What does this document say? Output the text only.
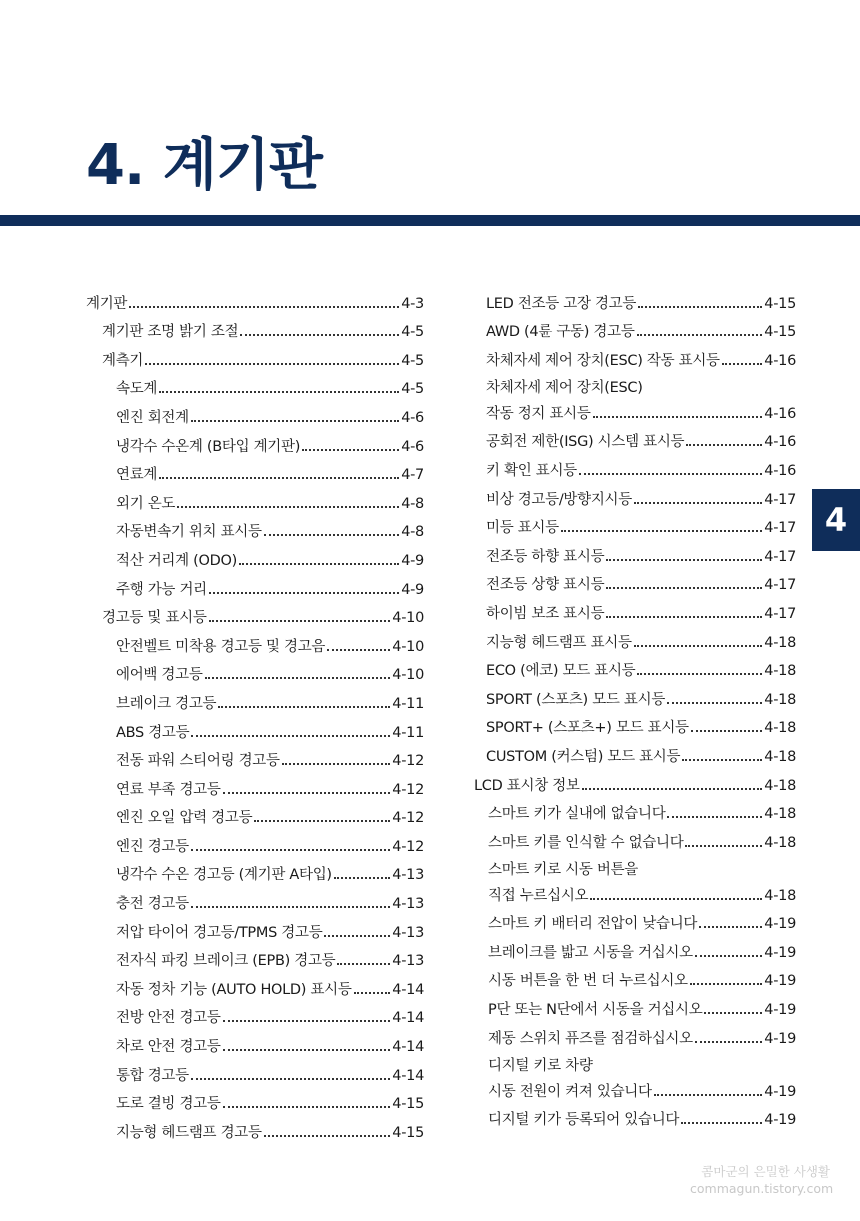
4. 계기판
4
계기판	4-3
계기판 조명 밝기 조절	4-5
계측기	4-5
속도계	4-5
엔진 회전계	4-6
냉각수 수온계 (B타입 계기판)	4-6
연료계	4-7
외기 온도	4-8
자동변속기 위치 표시등	4-8
적산 거리계 (ODO)	4-9
주행 가능 거리	4-9
경고등 및 표시등	4-10
안전벨트 미착용 경고등 및 경고음	4-10
에어백 경고등	4-10
브레이크 경고등	4-11
ABS 경고등	4-11
전동 파워 스티어링 경고등	4-12
연료 부족 경고등	4-12
엔진 오일 압력 경고등	4-12
엔진 경고등	4-12
냉각수 수온 경고등 (계기판 A타입)	4-13
충전 경고등	4-13
저압 타이어 경고등/TPMS 경고등	4-13
전자식 파킹 브레이크 (EPB) 경고등	4-13
자동 정차 기능 (AUTO HOLD) 표시등	4-14
전방 안전 경고등	4-14
차로 안전 경고등	4-14
통합 경고등	4-14
도로 결빙 경고등	4-15
지능형 헤드램프 경고등	4-15
LED 전조등 고장 경고등	4-15
AWD (4륜 구동) 경고등	4-15
차체자세 제어 장치(ESC) 작동 표시등	4-16
차체자세 제어 장치(ESC)
작동 정지 표시등	4-16
공회전 제한(ISG) 시스템 표시등	4-16
키 확인 표시등	4-16
비상 경고등/방향지시등	4-17
미등 표시등	4-17
전조등 하향 표시등	4-17
전조등 상향 표시등	4-17
하이빔 보조 표시등	4-17
지능형 헤드램프 표시등	4-18
ECO (에코) 모드 표시등	4-18
SPORT (스포츠) 모드 표시등	4-18
SPORT+ (스포츠+) 모드 표시등	4-18
CUSTOM (커스텀) 모드 표시등	4-18
LCD 표시창 정보	4-18
스마트 키가 실내에 없습니다	4-18
스마트 키를 인식할 수 없습니다	4-18
스마트 키로 시동 버튼을
직접 누르십시오	4-18
스마트 키 배터리 전압이 낮습니다	4-19
브레이크를 밟고 시동을 거십시오	4-19
시동 버튼을 한 번 더 누르십시오	4-19
P단 또는 N단에서 시동을 거십시오	4-19
제동 스위치 퓨즈를 점검하십시오	4-19
디지털 키로 차량
시동 전원이 켜져 있습니다	4-19
디지털 키가 등록되어 있습니다	4-19
콤마군의 은밀한 사생활
commagun.tistory.com
